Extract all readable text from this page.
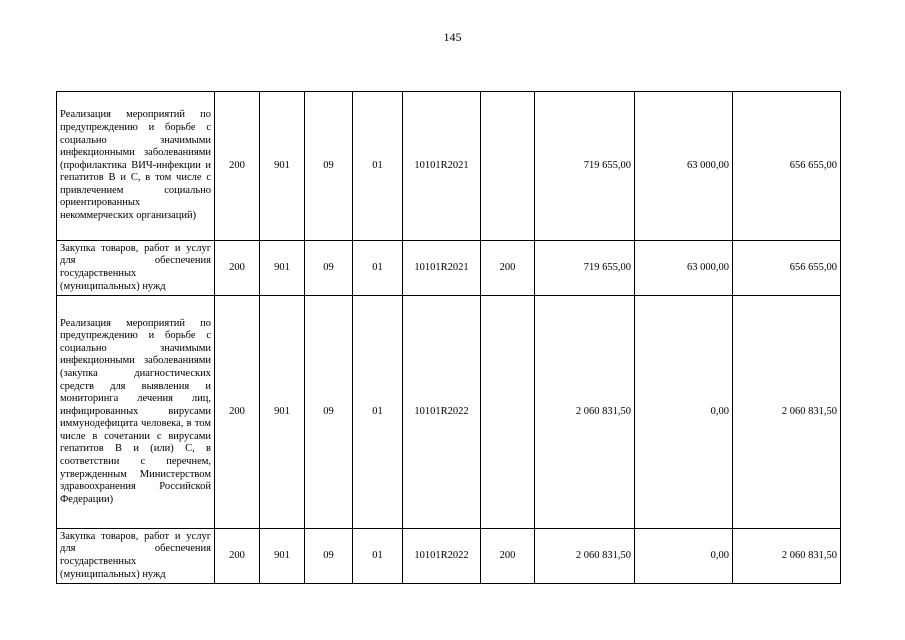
145
Реализация мероприятий по предупреждению и борьбе с социально значимыми инфекционными заболеваниями (профилактика ВИЧ-инфекции и гепатитов В и С, в том числе с привлечением социально ориентированных некоммерческих организаций)	200	901	09	01	10101R2021		719 655,00	63 000,00	656 655,00
Закупка товаров, работ и услуг для обеспечения государственных (муниципальных) нужд	200	901	09	01	10101R2021	200	719 655,00	63 000,00	656 655,00
Реализация мероприятий по предупреждению и борьбе с социально значимыми инфекционными заболеваниями (закупка диагностических средств для выявления и мониторинга лечения лиц, инфицированных вирусами иммунодефицита человека, в том числе в сочетании с вирусами гепатитов В и (или) С, в соответствии с перечнем, утвержденным Министерством здравоохранения Российской Федерации)	200	901	09	01	10101R2022		2 060 831,50	0,00	2 060 831,50
Закупка товаров, работ и услуг для обеспечения государственных (муниципальных) нужд	200	901	09	01	10101R2022	200	2 060 831,50	0,00	2 060 831,50
